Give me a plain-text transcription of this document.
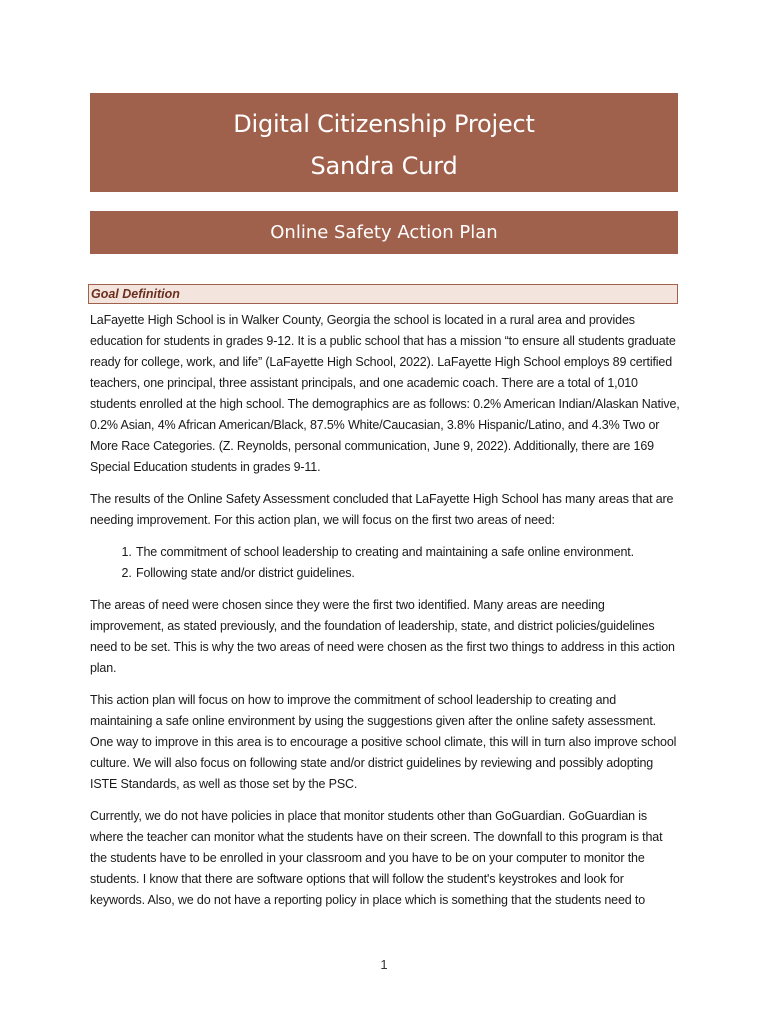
Digital Citizenship Project
Sandra Curd
Online Safety Action Plan
Goal Definition

LaFayette High School is in Walker County, Georgia the school is located in a rural area and provides education for students in grades 9-12. It is a public school that has a mission “to ensure all students graduate ready for college, work, and life” (LaFayette High School, 2022). LaFayette High School employs 89 certified teachers, one principal, three assistant principals, and one academic coach. There are a total of 1,010 students enrolled at the high school. The demographics are as follows: 0.2% American Indian/Alaskan Native, 0.2% Asian, 4% African American/Black, 87.5% White/Caucasian, 3.8% Hispanic/Latino, and 4.3% Two or More Race Categories. (Z. Reynolds, personal communication, June 9, 2022). Additionally, there are 169 Special Education students in grades 9-11.

The results of the Online Safety Assessment concluded that LaFayette High School has many areas that are needing improvement. For this action plan, we will focus on the first two areas of need:

1. The commitment of school leadership to creating and maintaining a safe online environment.
2. Following state and/or district guidelines.

The areas of need were chosen since they were the first two identified. Many areas are needing improvement, as stated previously, and the foundation of leadership, state, and district policies/guidelines need to be set. This is why the two areas of need were chosen as the first two things to address in this action plan.

This action plan will focus on how to improve the commitment of school leadership to creating and maintaining a safe online environment by using the suggestions given after the online safety assessment. One way to improve in this area is to encourage a positive school climate, this will in turn also improve school culture. We will also focus on following state and/or district guidelines by reviewing and possibly adopting ISTE Standards, as well as those set by the PSC.

Currently, we do not have policies in place that monitor students other than GoGuardian. GoGuardian is where the teacher can monitor what the students have on their screen. The downfall to this program is that the students have to be enrolled in your classroom and you have to be on your computer to monitor the students. I know that there are software options that will follow the student's keystrokes and look for keywords. Also, we do not have a reporting policy in place which is something that the students need to

1
